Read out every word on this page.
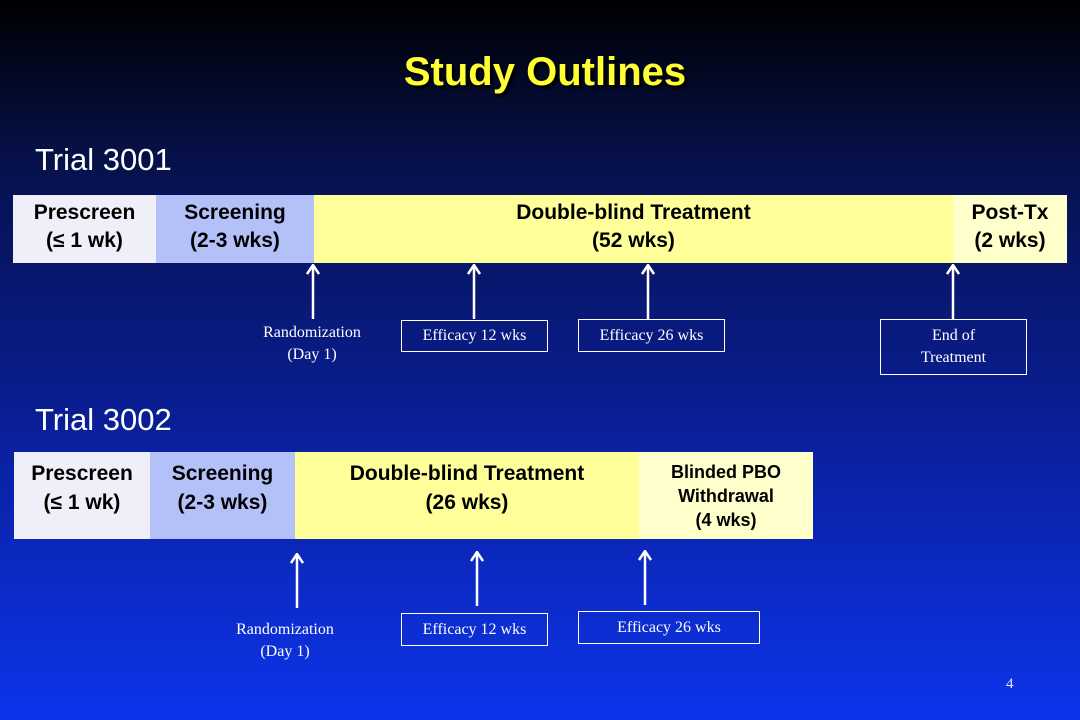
Study Outlines
Trial 3001
Prescreen
(≤ 1 wk)
Screening
(2-3 wks)
Double-blind Treatment
(52 wks)
Post-Tx
(2 wks)
Randomization
(Day 1)
Efficacy 12 wks	Efficacy 26 wks	End of
Treatment
Trial 3002
Prescreen
(≤ 1 wk)
Screening
(2-3 wks)
Double-blind Treatment
(26 wks)
Blinded PBO
Withdrawal
(4 wks)
Randomization
(Day 1)
Efficacy 12 wks	Efficacy 26 wks
4
